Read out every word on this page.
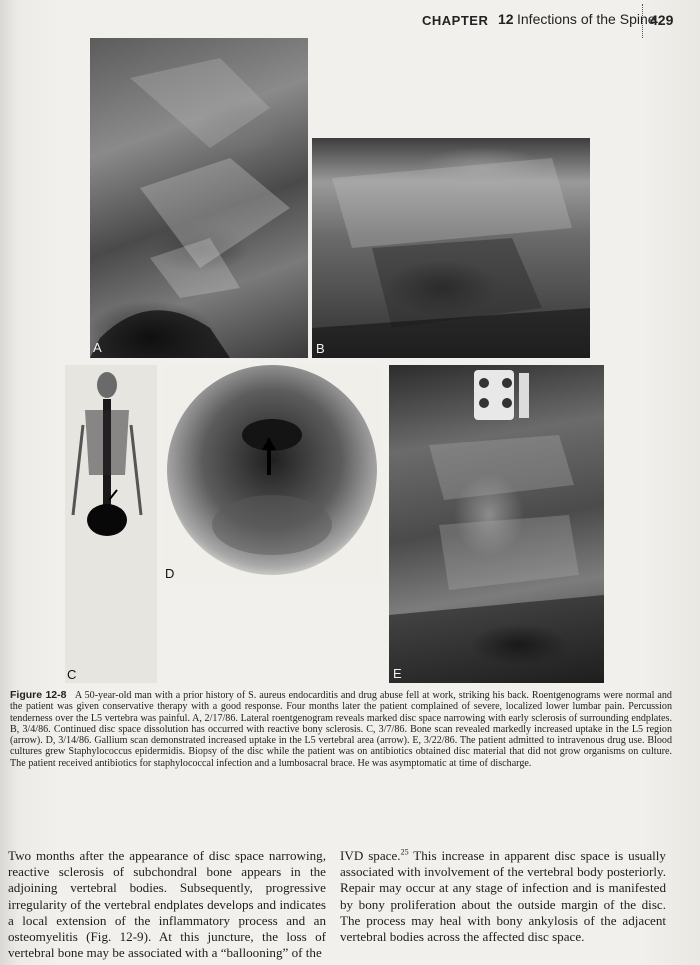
CHAPTER 12 Infections of the Spine
429
A	B
C
D
E
Figure 12-8 A 50-year-old man with a prior history of S. aureus endocarditis and drug abuse fell at work, striking his back. Roentgenograms were normal and the patient was given conservative therapy with a good response. Four months later the patient complained of severe, localized lower lumbar pain. Percussion tenderness over the L5 vertebra was painful. A, 2/17/86. Lateral roentgenogram reveals marked disc space narrowing with early sclerosis of surrounding endplates. B, 3/4/86. Continued disc space dissolution has occurred with reactive bony sclerosis. C, 3/7/86. Bone scan revealed markedly increased uptake in the L5 region (arrow). D, 3/14/86. Gallium scan demonstrated increased uptake in the L5 vertebral area (arrow). E, 3/22/86. The patient admitted to intravenous drug use. Blood cultures grew Staphylococcus epidermidis. Biopsy of the disc while the patient was on antibiotics obtained disc material that did not grow organisms on culture. The patient received antibiotics for staphylococcal infection and a lumbosacral brace. He was asymptomatic at time of discharge.
Two months after the appearance of disc space narrowing, reactive sclerosis of subchondral bone appears in the adjoining vertebral bodies. Subsequently, progressive irregularity of the vertebral endplates develops and indicates a local extension of the inflammatory process and an osteomyelitis (Fig. 12-9). At this juncture, the loss of vertebral bone may be associated with a “ballooning” of the
IVD space.$^{25}$ This increase in apparent disc space is usually associated with involvement of the vertebral body posteriorly. Repair may occur at any stage of infection and is manifested by bony proliferation about the outside margin of the disc. The process may heal with bony ankylosis of the adjacent vertebral bodies across the affected disc space.
